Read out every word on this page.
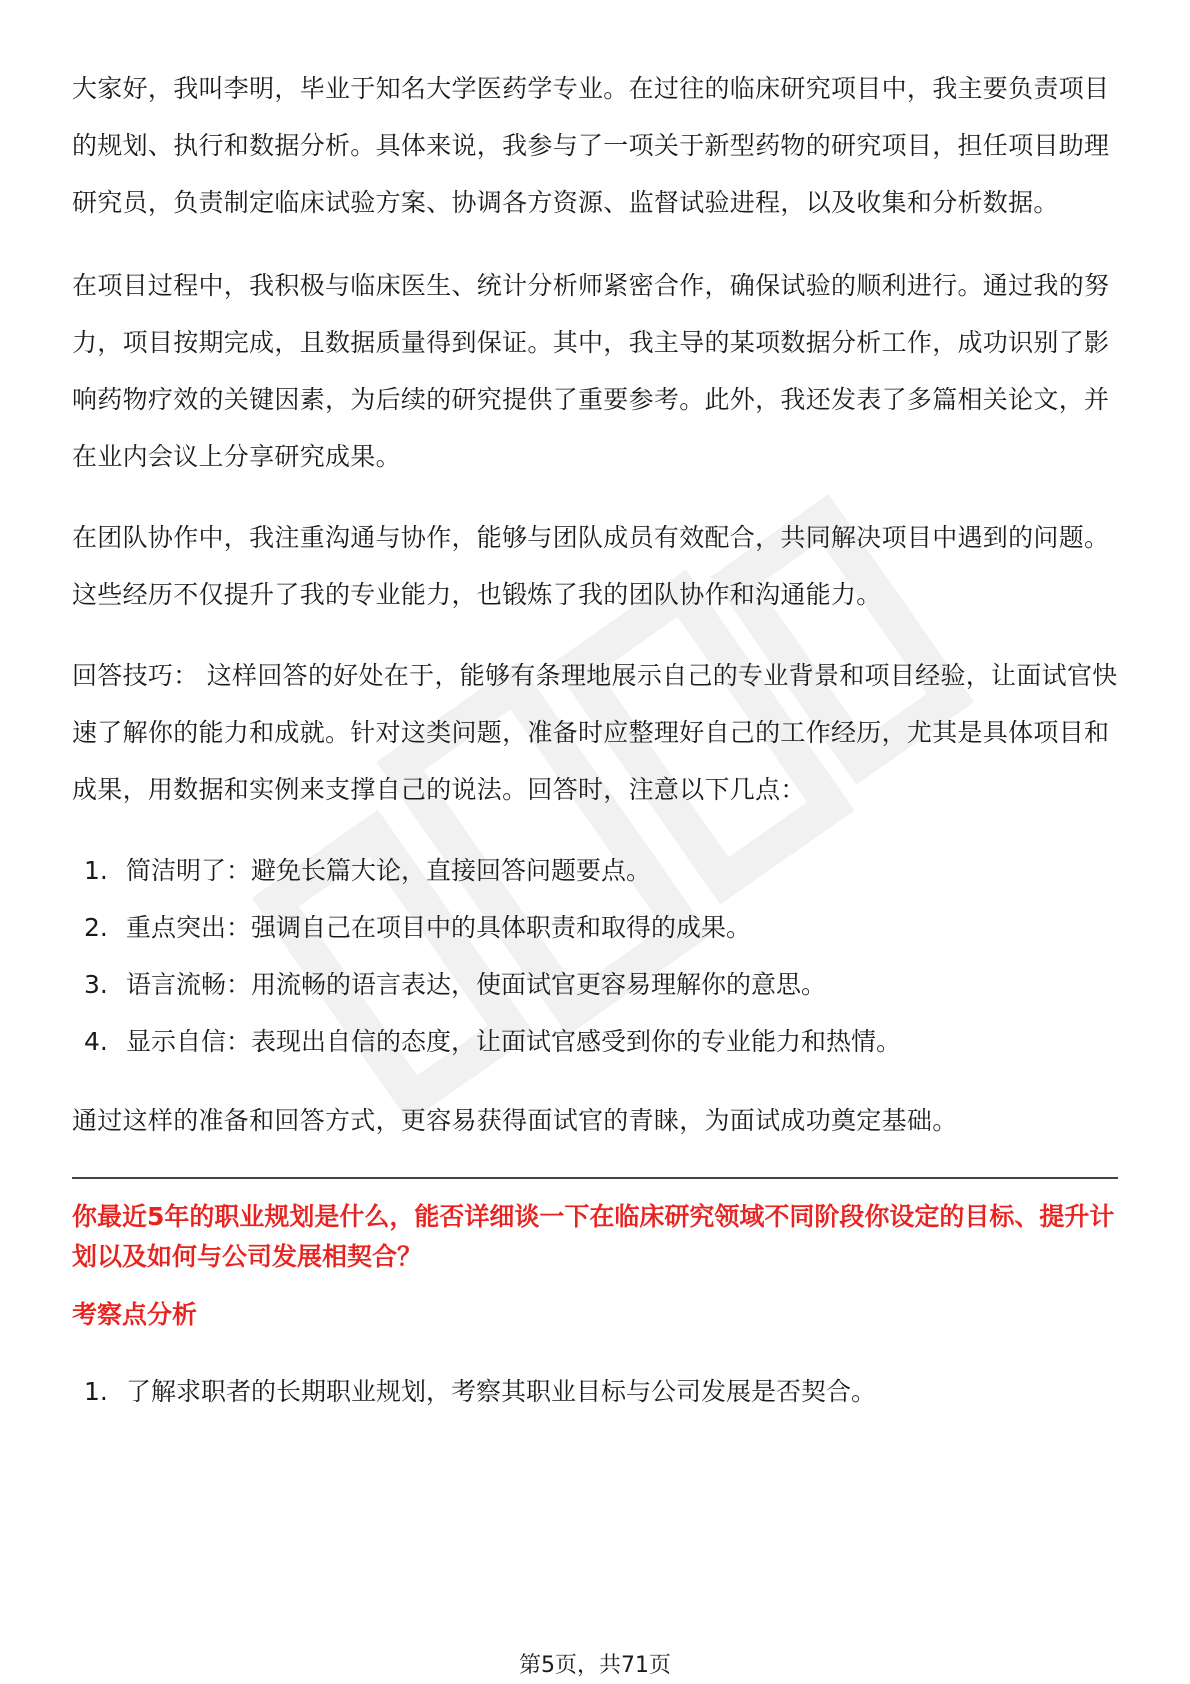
大家好，我叫李明，毕业于知名大学医药学专业。在过往的临床研究项目中，我主要负责项目的规划、执行和数据分析。具体来说，我参与了一项关于新型药物的研究项目，担任项目助理研究员，负责制定临床试验方案、协调各方资源、监督试验进程，以及收集和分析数据。

在项目过程中，我积极与临床医生、统计分析师紧密合作，确保试验的顺利进行。通过我的努力，项目按期完成，且数据质量得到保证。其中，我主导的某项数据分析工作，成功识别了影响药物疗效的关键因素，为后续的研究提供了重要参考。此外，我还发表了多篇相关论文，并在业内会议上分享研究成果。

在团队协作中，我注重沟通与协作，能够与团队成员有效配合，共同解决项目中遇到的问题。这些经历不仅提升了我的专业能力，也锻炼了我的团队协作和沟通能力。

回答技巧： 这样回答的好处在于，能够有条理地展示自己的专业背景和项目经验，让面试官快速了解你的能力和成就。针对这类问题，准备时应整理好自己的工作经历，尤其是具体项目和成果，用数据和实例来支撑自己的说法。回答时，注意以下几点：

1. 简洁明了：避免长篇大论，直接回答问题要点。
2. 重点突出：强调自己在项目中的具体职责和取得的成果。
3. 语言流畅：用流畅的语言表达，使面试官更容易理解你的意思。
4. 显示自信：表现出自信的态度，让面试官感受到你的专业能力和热情。

通过这样的准备和回答方式，更容易获得面试官的青睐，为面试成功奠定基础。

你最近5年的职业规划是什么，能否详细谈一下在临床研究领域不同阶段你设定的目标、提升计划以及如何与公司发展相契合？

考察点分析

1. 了解求职者的长期职业规划，考察其职业目标与公司发展是否契合。
第5页，共71页
